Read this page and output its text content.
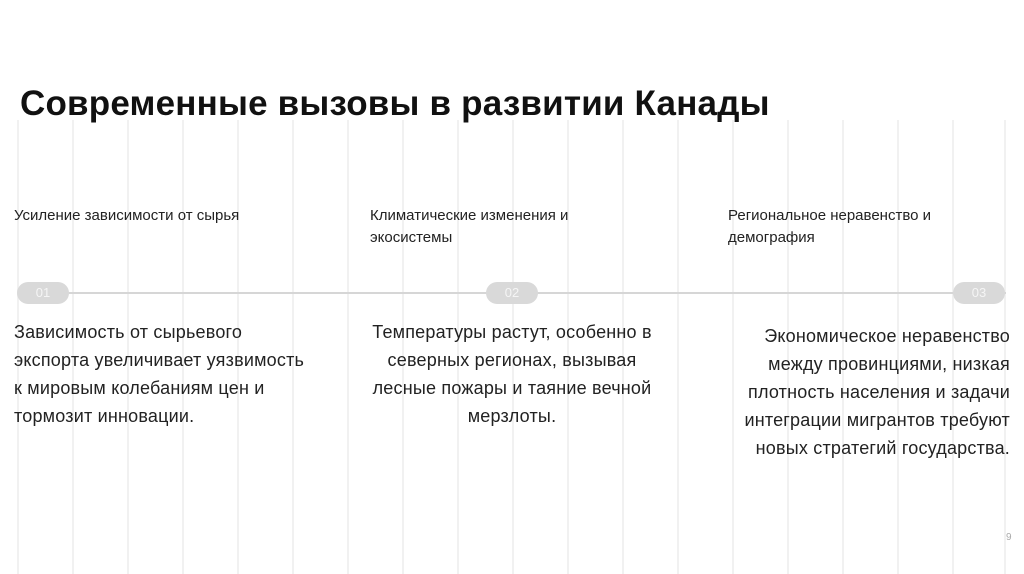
Современные вызовы в развитии Канады
Усиление зависимости от сырья	Климатические изменения и экосистемы
Региональное неравенство и демография
01	02	03
Зависимость от сырьевого экспорта увеличивает уязвимость к мировым колебаниям цен и тормозит инновации.
Температуры растут, особенно в северных регионах, вызывая лесные пожары и таяние вечной мерзлоты.
Экономическое неравенство между провинциями, низкая плотность населения и задачи интеграции мигрантов требуют новых стратегий государства.
9
